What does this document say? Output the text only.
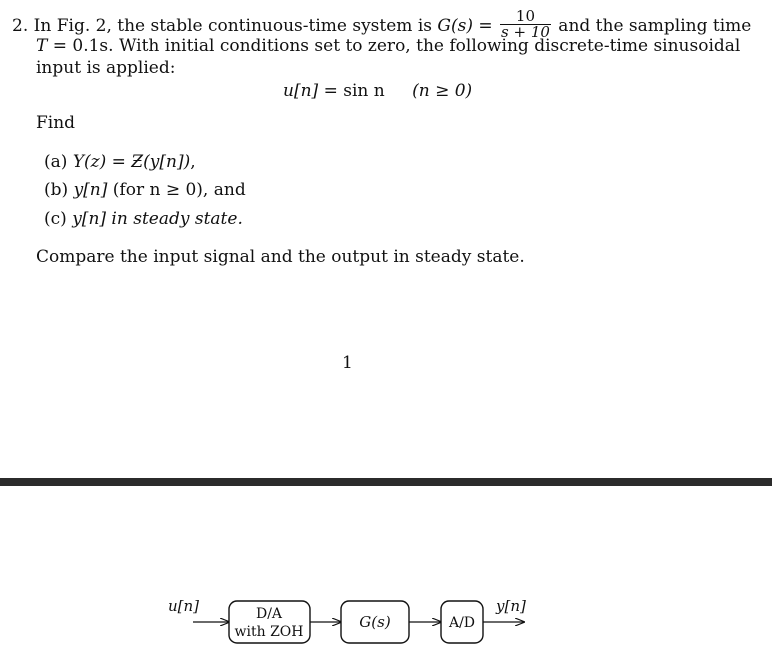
2. In Fig. 2, the stable continuous-time system is $G(s) = \frac{10}{s + 10}$ and the sampling time
T = 0.1s. With initial conditions set to zero, the following discrete-time sinusoidal
input is applied:
u[n] = sin n (n ≥ 0)
Find
(a) Y(z) = Ƶ(y[n]),
(b) y[n] (for n ≥ 0), and
(c) y[n] in steady state.
Compare the input signal and the output in steady state.
1
u[n]	D/A
with ZOH
G(s)	A/D
y[n]
